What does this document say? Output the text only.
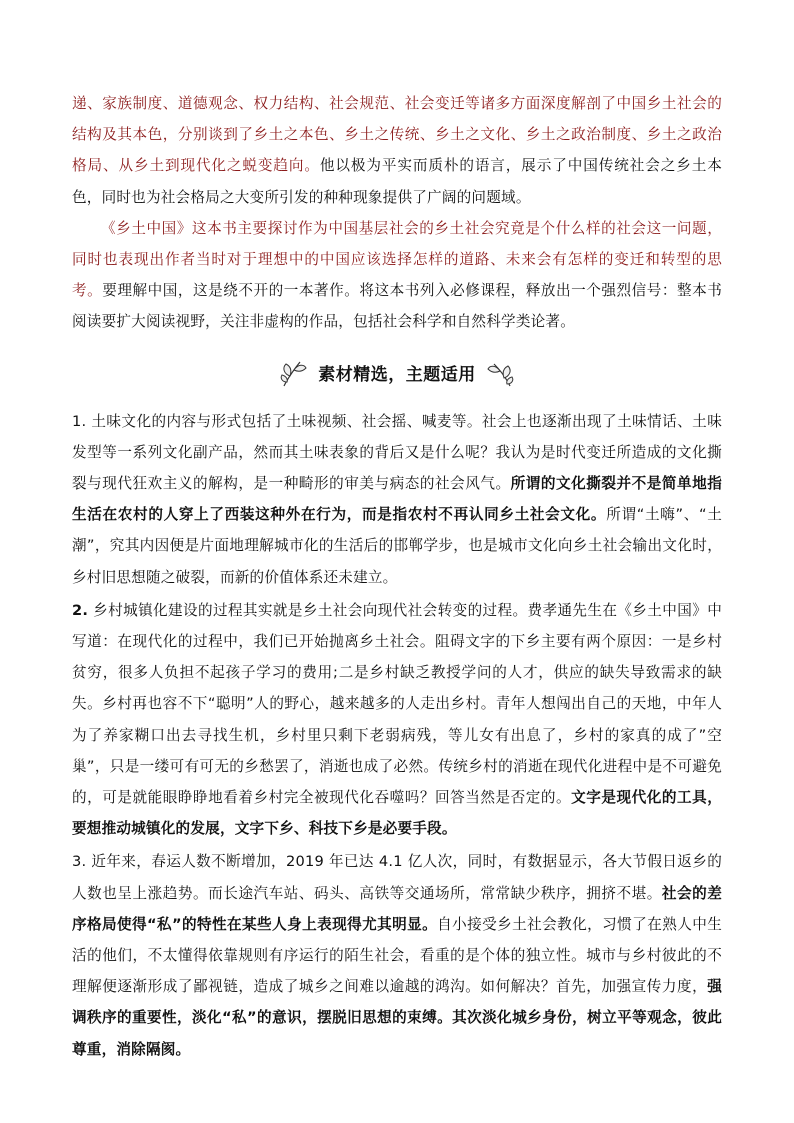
递、家族制度、道德观念、权力结构、社会规范、社会变迁等诸多方面深度解剖了中国乡土社会的结构及其本色，分别谈到了乡土之本色、乡土之传统、乡土之文化、乡土之政治制度、乡土之政治格局、从乡土到现代化之蜕变趋向。他以极为平实而质朴的语言，展示了中国传统社会之乡土本色，同时也为社会格局之大变所引发的种种现象提供了广阔的问题域。

《乡土中国》这本书主要探讨作为中国基层社会的乡土社会究竟是个什么样的社会这一问题，同时也表现出作者当时对于理想中的中国应该选择怎样的道路、未来会有怎样的变迁和转型的思考。要理解中国，这是绕不开的一本著作。将这本书列入必修课程，释放出一个强烈信号：整本书阅读要扩大阅读视野，关注非虚构的作品，包括社会科学和自然科学类论著。

素材精选，主题适用

1. 土味文化的内容与形式包括了土味视频、社会摇、喊麦等。社会上也逐渐出现了土味情话、土味发型等一系列文化副产品，然而其土味表象的背后又是什么呢？我认为是时代变迁所造成的文化撕裂与现代狂欢主义的解构，是一种畸形的审美与病态的社会风气。所谓的文化撕裂并不是简单地指生活在农村的人穿上了西装这种外在行为，而是指农村不再认同乡土社会文化。所谓“土嗨”、“土潮”，究其内因便是片面地理解城市化的生活后的邯郸学步，也是城市文化向乡土社会输出文化时，乡村旧思想随之破裂，而新的价值体系还未建立。

2. 乡村城镇化建设的过程其实就是乡土社会向现代社会转变的过程。费孝通先生在《乡土中国》中写道：在现代化的过程中，我们已开始抛离乡土社会。阻碍文字的下乡主要有两个原因：一是乡村贫穷，很多人负担不起孩子学习的费用;二是乡村缺乏教授学问的人才，供应的缺失导致需求的缺失。乡村再也容不下“聪明”人的野心，越来越多的人走出乡村。青年人想闯出自己的天地，中年人为了养家糊口出去寻找生机，乡村里只剩下老弱病残，等儿女有出息了，乡村的家真的成了”空巢”，只是一缕可有可无的乡愁罢了，消逝也成了必然。传统乡村的消逝在现代化进程中是不可避免的，可是就能眼睁睁地看着乡村完全被现代化吞噬吗？回答当然是否定的。文字是现代化的工具，要想推动城镇化的发展，文字下乡、科技下乡是必要手段。

3. 近年来，春运人数不断增加，2019 年已达 4.1 亿人次，同时，有数据显示，各大节假日返乡的人数也呈上涨趋势。而长途汽车站、码头、高铁等交通场所，常常缺少秩序，拥挤不堪。社会的差序格局使得“私”的特性在某些人身上表现得尤其明显。自小接受乡土社会教化，习惯了在熟人中生活的他们，不太懂得依靠规则有序运行的陌生社会，看重的是个体的独立性。城市与乡村彼此的不理解便逐渐形成了鄙视链，造成了城乡之间难以逾越的鸿沟。如何解决？首先，加强宣传力度，强调秩序的重要性，淡化“私”的意识，摆脱旧思想的束缚。其次淡化城乡身份，树立平等观念，彼此尊重，消除隔阂。
